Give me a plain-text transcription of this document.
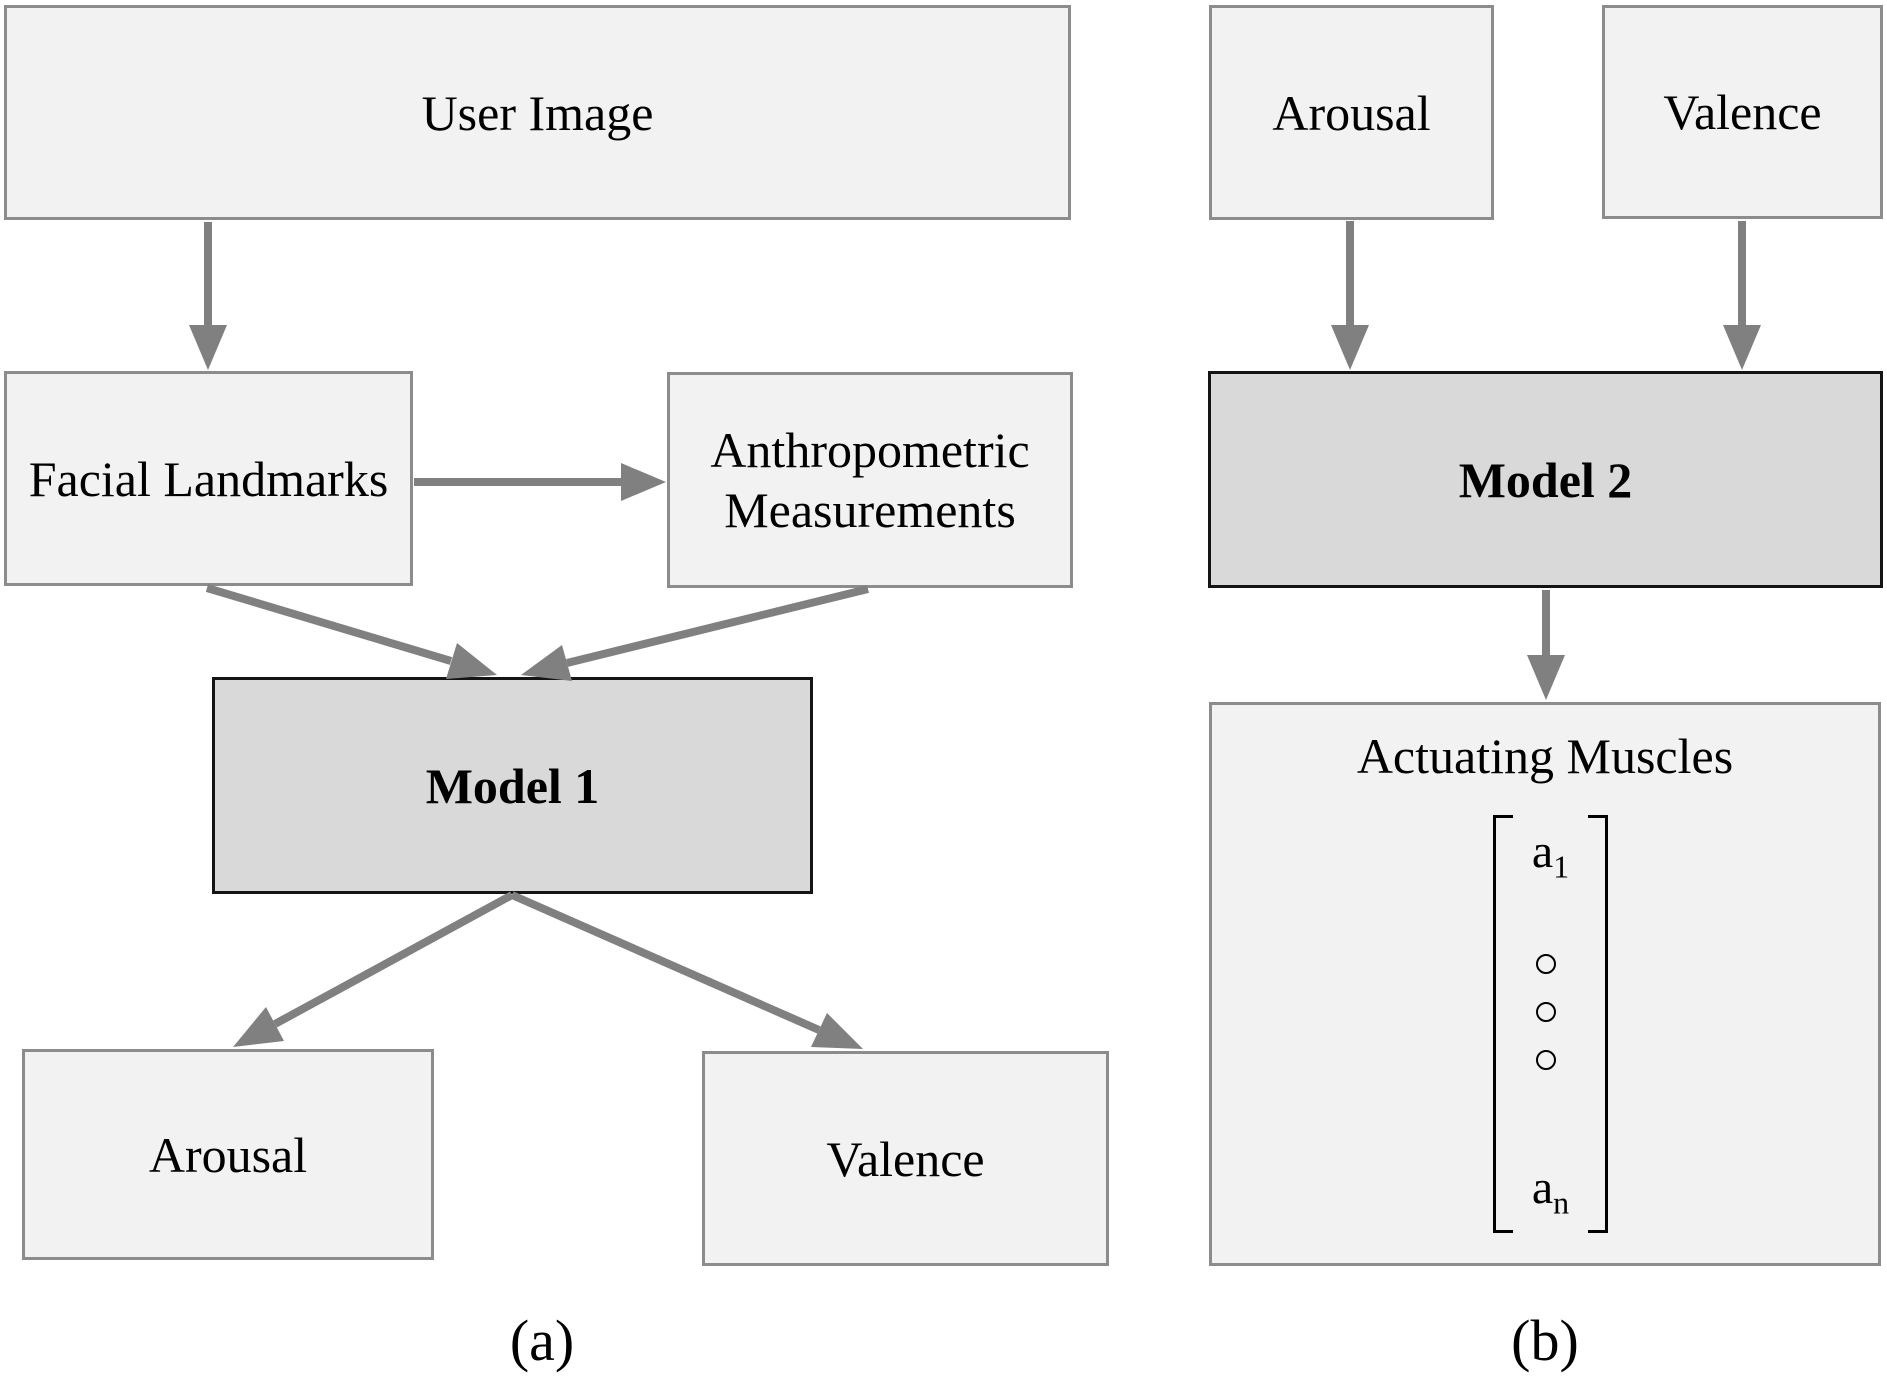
User Image
Facial Landmarks
Anthropometric Measurements
Model 1
Arousal	Valence
(a)
Arousal	Valence
Model 2
Actuating Muscles
$a_1$
$a_n$
(b)
